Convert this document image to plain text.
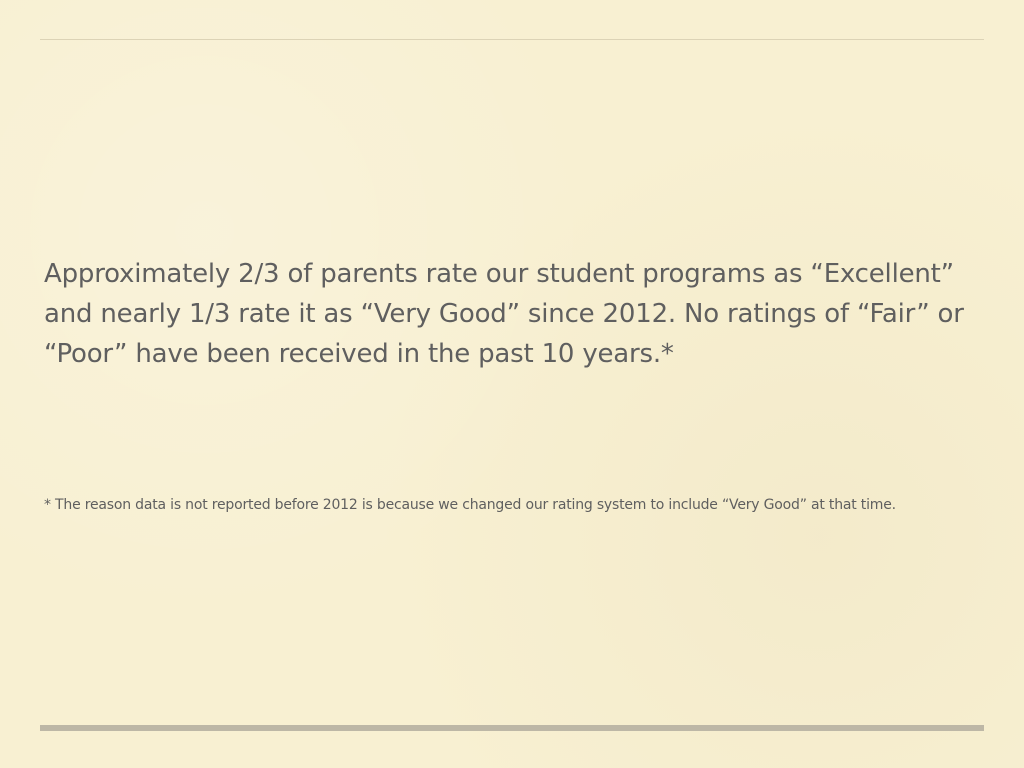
Approximately 2/3 of parents rate our student programs as “Excellent” and nearly 1/3 rate it as “Very Good” since 2012. No ratings of “Fair” or “Poor” have been received in the past 10 years.*

* The reason data is not reported before 2012 is because we changed our rating system to include “Very Good” at that time.
